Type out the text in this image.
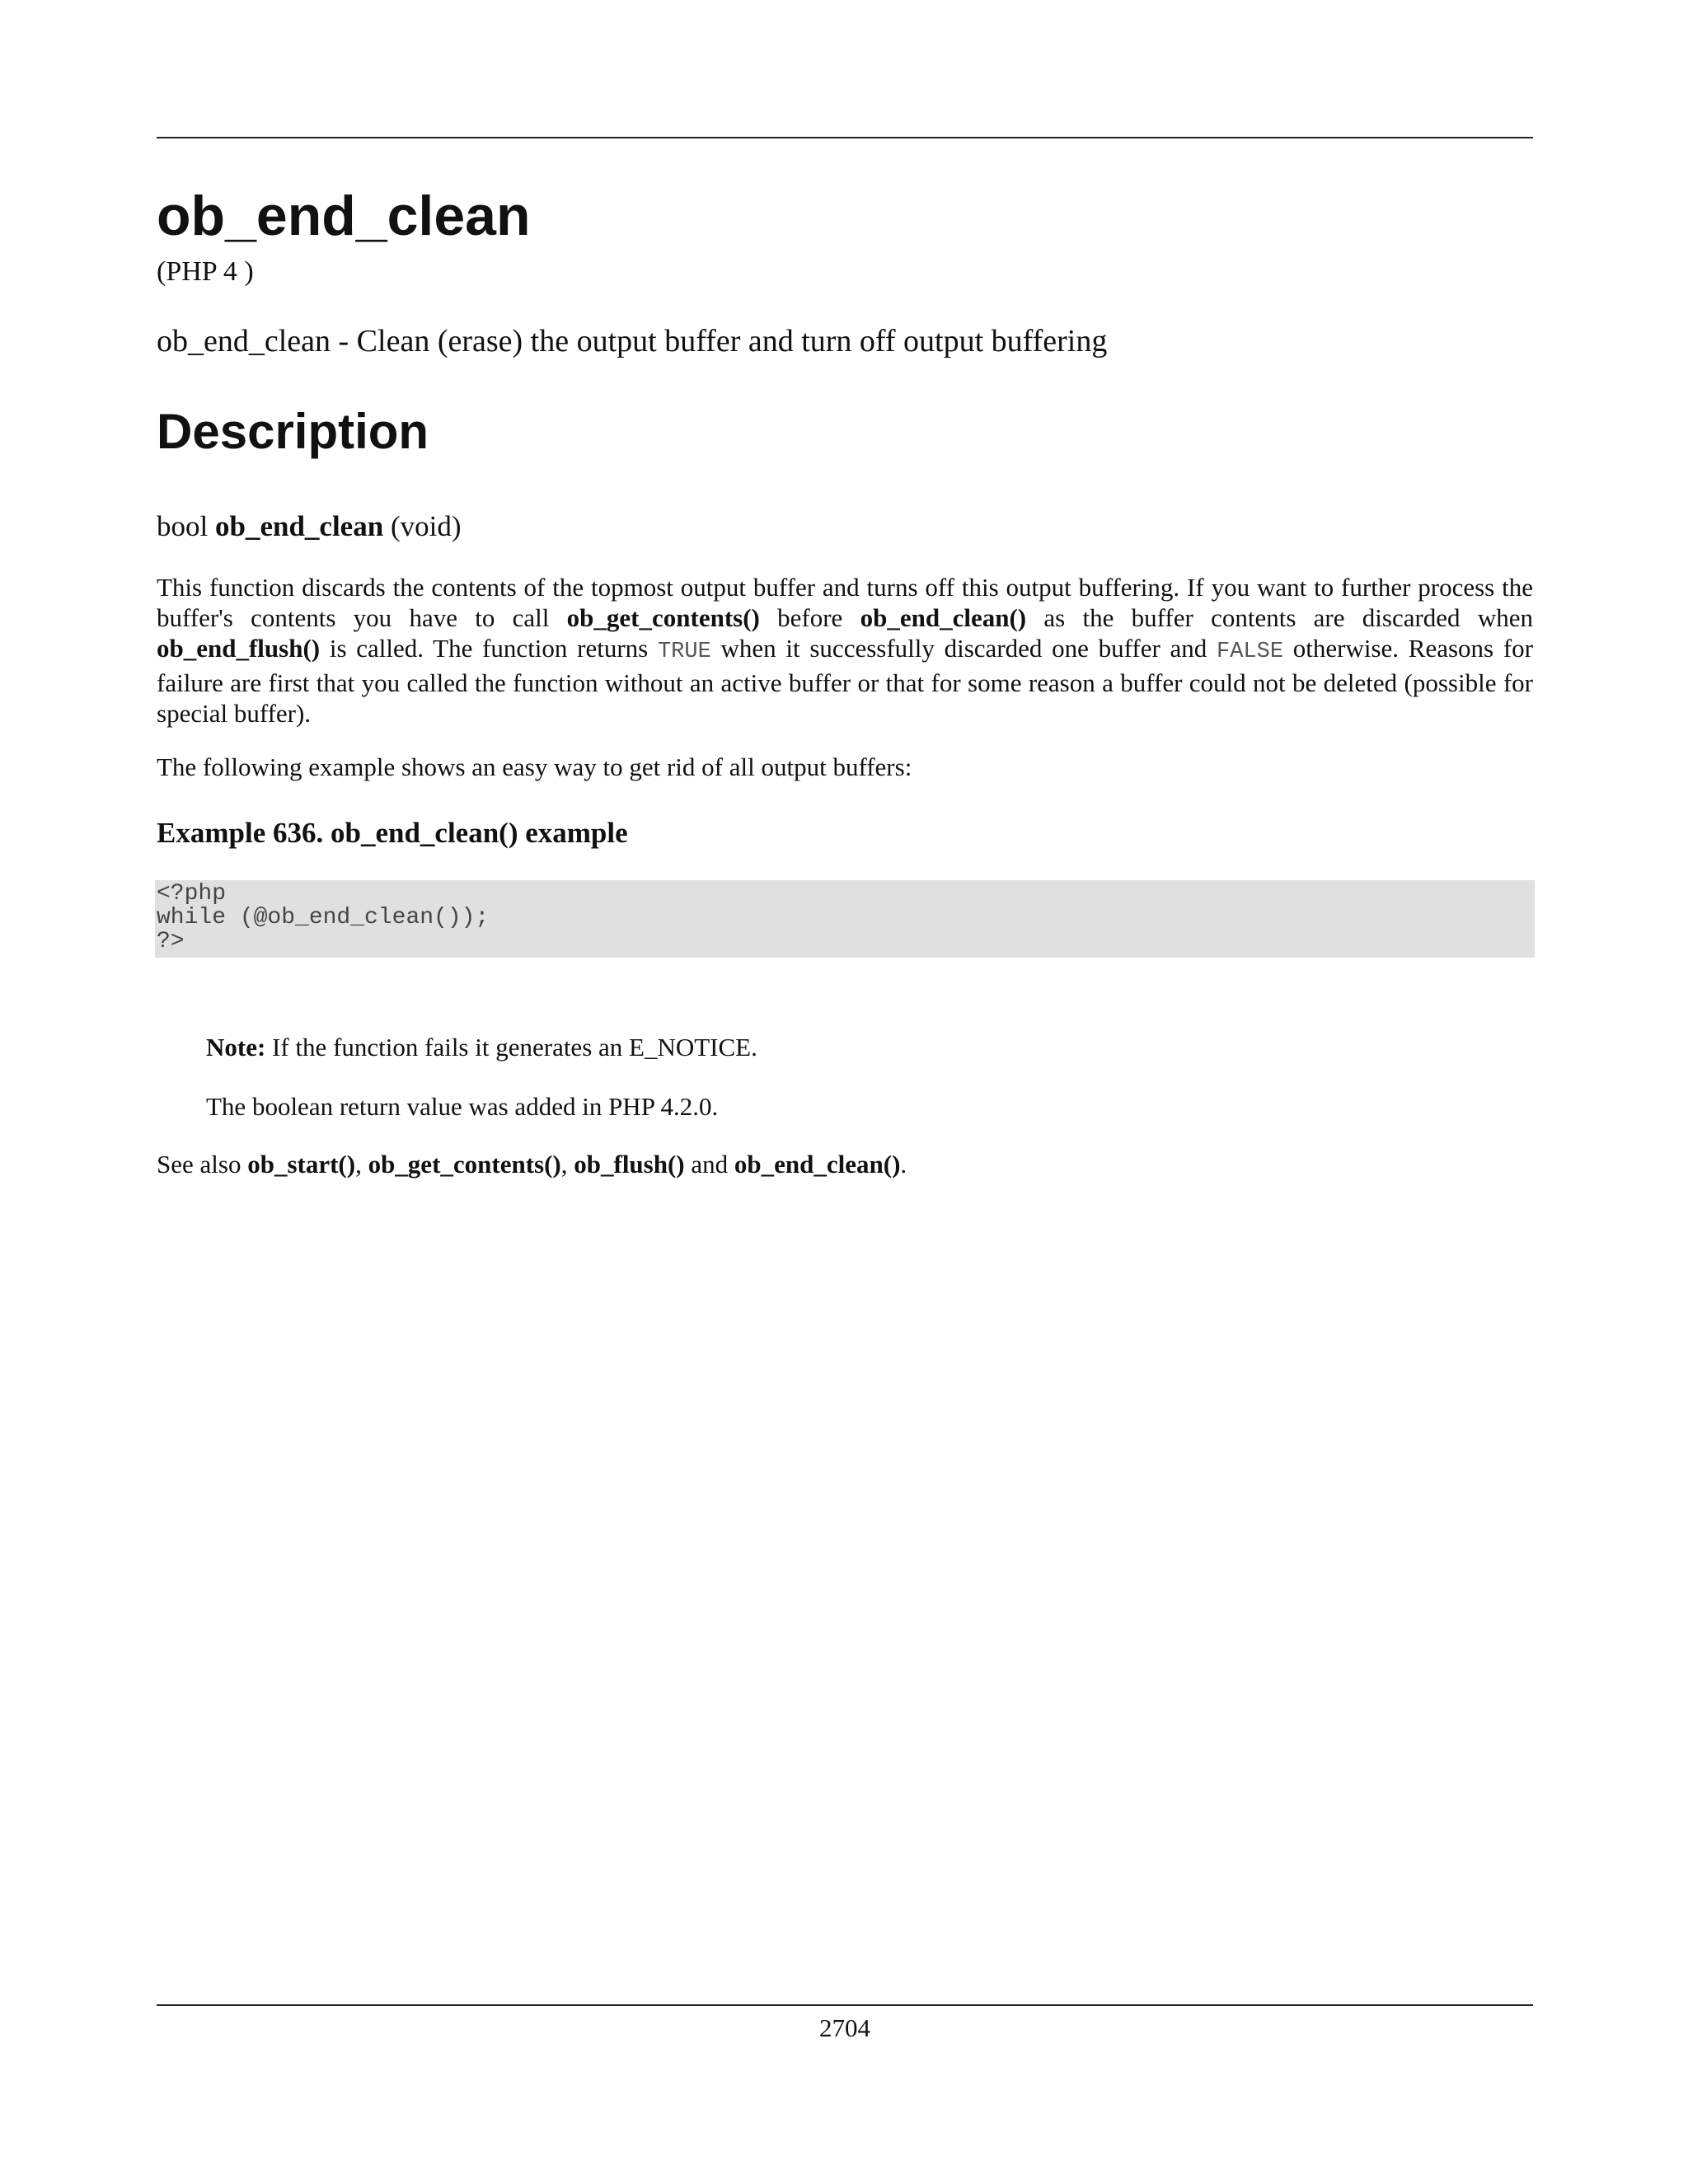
ob_end_clean
(PHP 4 )
ob_end_clean - Clean (erase) the output buffer and turn off output buffering
Description
bool ob_end_clean (void)

This function discards the contents of the topmost output buffer and turns off this output buffering. If you want to further process the buffer's contents you have to call ob_get_contents() before ob_end_clean() as the buffer contents are discarded when ob_end_flush() is called. The function returns TRUE when it successfully discarded one buffer and FALSE otherwise. Reasons for failure are first that you called the function without an active buffer or that for some reason a buffer could not be deleted (possible for special buffer).

The following example shows an easy way to get rid of all output buffers:

Example 636. ob_end_clean() example
<?php
while (@ob_end_clean());
?>
Note: If the function fails it generates an E_NOTICE.
The boolean return value was added in PHP 4.2.0.
See also ob_start(), ob_get_contents(), ob_flush() and ob_end_clean().
2704
